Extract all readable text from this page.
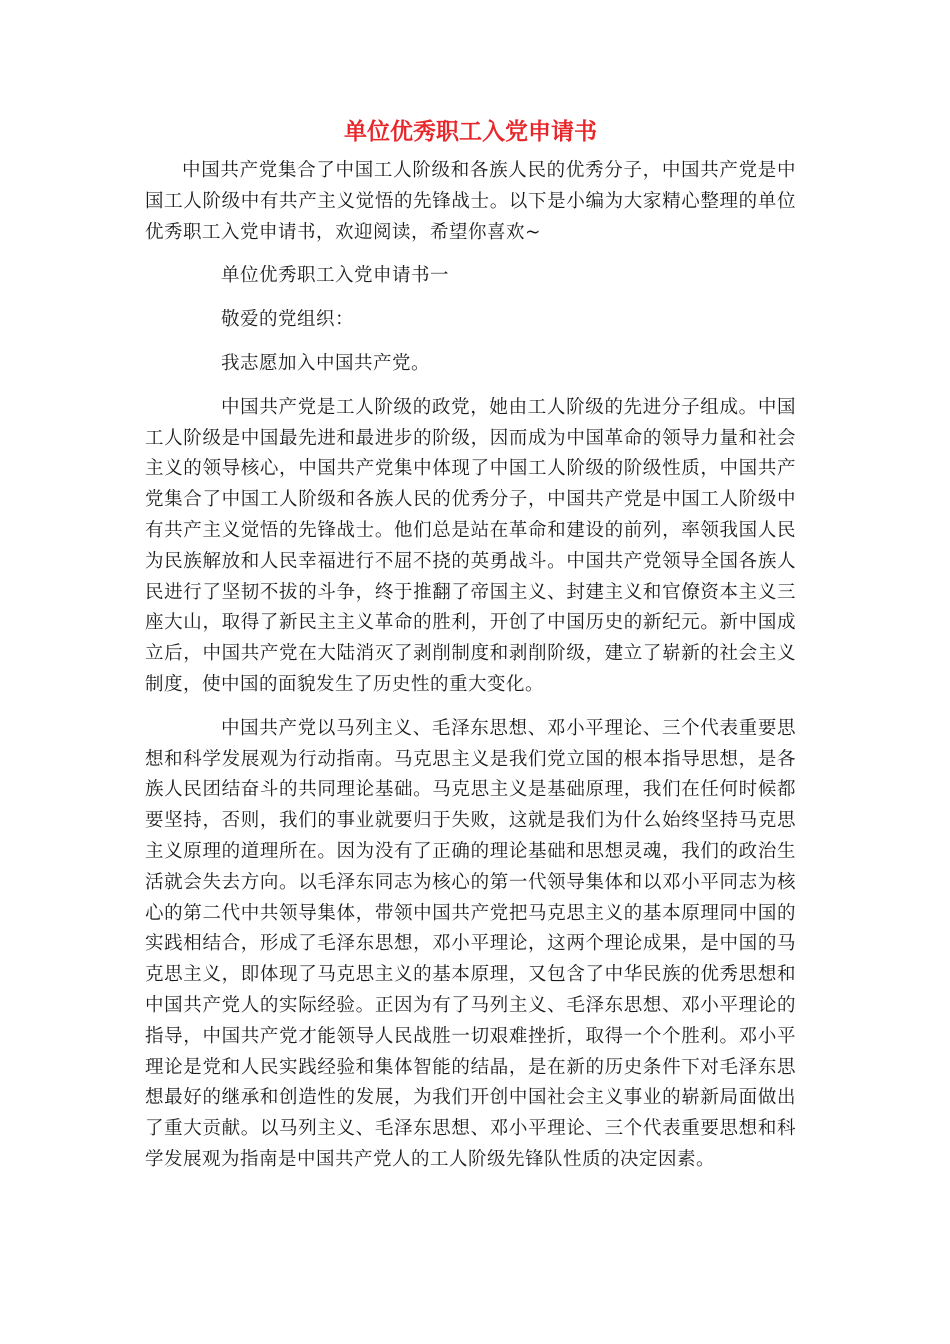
单位优秀职工入党申请书

中国共产党集合了中国工人阶级和各族人民的优秀分子，中国共产党是中国工人阶级中有共产主义觉悟的先锋战士。以下是小编为大家精心整理的单位优秀职工入党申请书，欢迎阅读，希望你喜欢~

单位优秀职工入党申请书一

敬爱的党组织：

我志愿加入中国共产党。

中国共产党是工人阶级的政党，她由工人阶级的先进分子组成。中国工人阶级是中国最先进和最进步的阶级，因而成为中国革命的领导力量和社会主义的领导核心，中国共产党集中体现了中国工人阶级的阶级性质，中国共产党集合了中国工人阶级和各族人民的优秀分子，中国共产党是中国工人阶级中有共产主义觉悟的先锋战士。他们总是站在革命和建设的前列，率领我国人民为民族解放和人民幸福进行不屈不挠的英勇战斗。中国共产党领导全国各族人民进行了坚韧不拔的斗争，终于推翻了帝国主义、封建主义和官僚资本主义三座大山，取得了新民主主义革命的胜利，开创了中国历史的新纪元。新中国成立后，中国共产党在大陆消灭了剥削制度和剥削阶级，建立了崭新的社会主义制度，使中国的面貌发生了历史性的重大变化。

中国共产党以马列主义、毛泽东思想、邓小平理论、三个代表重要思想和科学发展观为行动指南。马克思主义是我们党立国的根本指导思想，是各族人民团结奋斗的共同理论基础。马克思主义是基础原理，我们在任何时候都要坚持，否则，我们的事业就要归于失败，这就是我们为什么始终坚持马克思主义原理的道理所在。因为没有了正确的理论基础和思想灵魂，我们的政治生活就会失去方向。以毛泽东同志为核心的第一代领导集体和以邓小平同志为核心的第二代中共领导集体，带领中国共产党把马克思主义的基本原理同中国的实践相结合，形成了毛泽东思想，邓小平理论，这两个理论成果，是中国的马克思主义，即体现了马克思主义的基本原理，又包含了中华民族的优秀思想和中国共产党人的实际经验。正因为有了马列主义、毛泽东思想、邓小平理论的指导，中国共产党才能领导人民战胜一切艰难挫折，取得一个个胜利。邓小平理论是党和人民实践经验和集体智能的结晶，是在新的历史条件下对毛泽东思想最好的继承和创造性的发展，为我们开创中国社会主义事业的崭新局面做出了重大贡献。以马列主义、毛泽东思想、邓小平理论、三个代表重要思想和科学发展观为指南是中国共产党人的工人阶级先锋队性质的决定因素。
